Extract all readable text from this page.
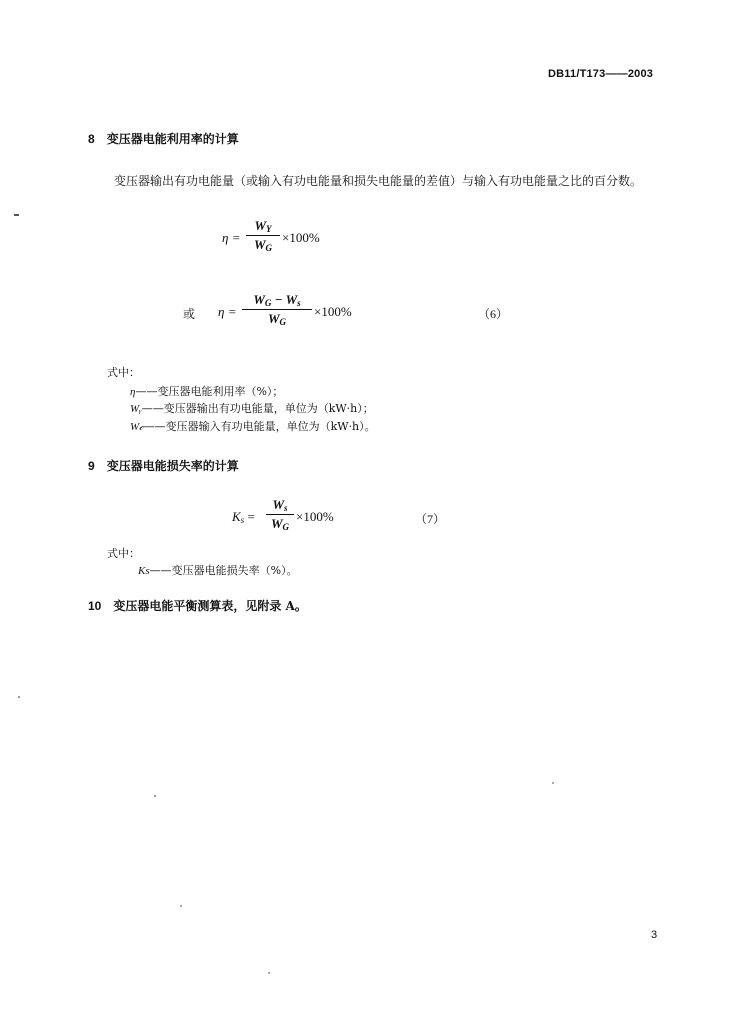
DB11/T173——2003
8 变压器电能利用率的计算
变压器输出有功电能量（或输入有功电能量和损失电能量的差值）与输入有功电能量之比的百分数。
η =
$W_Y$
$W_G$
×100%
或 η =
$W_G - W_s$
$W_G$
×100%	（6）
式中：
η——变压器电能利用率（%）；
Wᵧ——变压器输出有功电能量，单位为（kW·h）；
W𝒸——变压器输入有功电能量，单位为（kW·h）。
9 变压器电能损失率的计算
$K_s$ =
$W_s$
$W_G$
×100%	（7）
式中：
Ks——变压器电能损失率（%）。
10 变压器电能平衡测算表，见附录 A。
3
